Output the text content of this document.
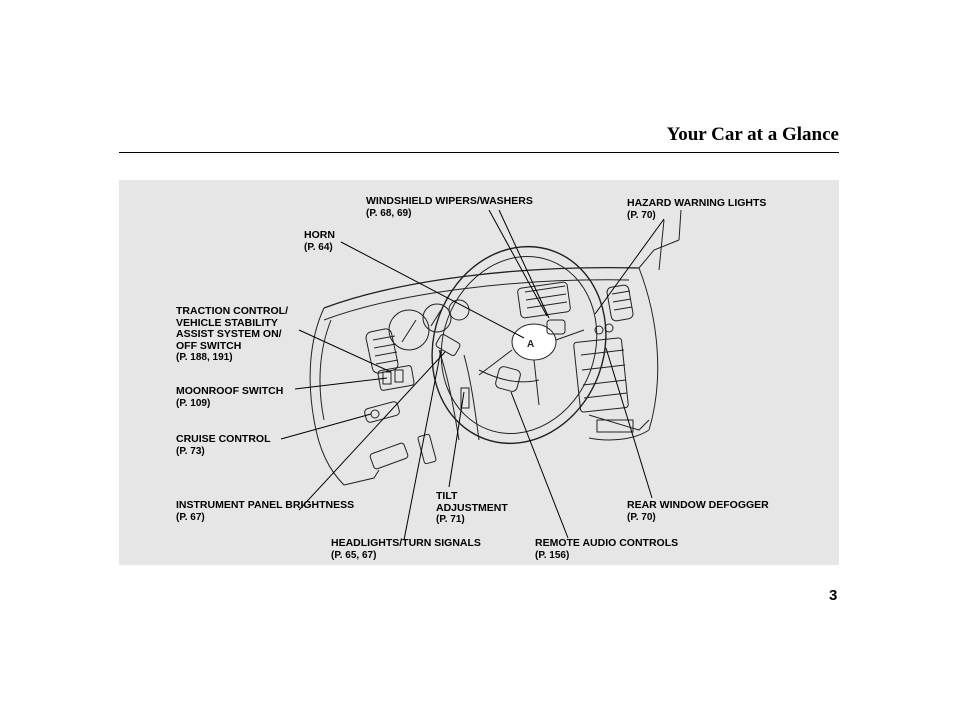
Your Car at a Glance
A
WINDSHIELD WIPERS/WASHERS
(P. 68, 69)
HAZARD WARNING LIGHTS
(P. 70)
HORN
(P. 64)
TRACTION CONTROL/
VEHICLE STABILITY
ASSIST SYSTEM ON/
OFF SWITCH
(P. 188, 191)
MOONROOF SWITCH
(P. 109)
CRUISE CONTROL
(P. 73)
INSTRUMENT PANEL BRIGHTNESS
(P. 67)
TILT
ADJUSTMENT
(P. 71)
REAR WINDOW DEFOGGER
(P. 70)
HEADLIGHTS/TURN SIGNALS
(P. 65, 67)
REMOTE AUDIO CONTROLS
(P. 156)
3
